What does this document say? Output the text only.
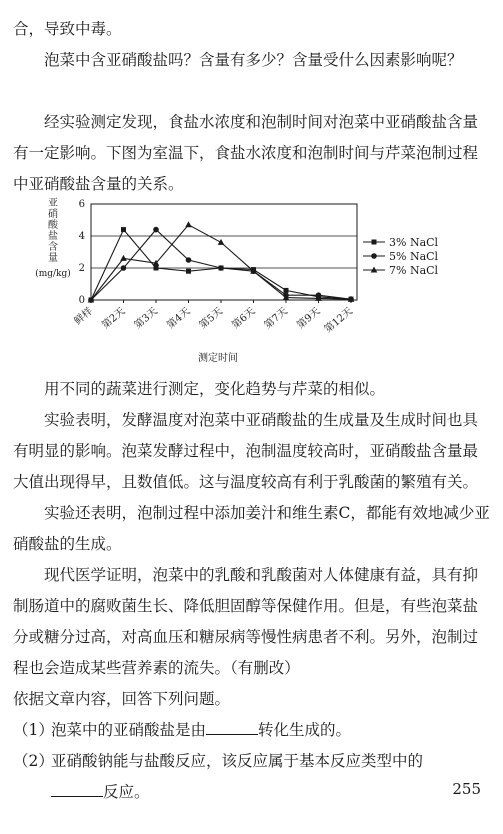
合，导致中毒。

泡菜中含亚硝酸盐吗？含量有多少？含量受什么因素影响呢？

经实验测定发现，食盐水浓度和泡制时间对泡菜中亚硝酸盐含量有一定影响。下图为室温下，食盐水浓度和泡制时间与芹菜泡制过程中亚硝酸盐含量的关系。

亚硝酸盐含量(mg/kg)
0
2
4
6
鲜样 第2天 第3天 第4天 第5天 第6天 第7天 第9天 第12天
3% NaCl
5% NaCl
7% NaCl
测定时间

用不同的蔬菜进行测定，变化趋势与芹菜的相似。

实验表明，发酵温度对泡菜中亚硝酸盐的生成量及生成时间也具有明显的影响。泡菜发酵过程中，泡制温度较高时，亚硝酸盐含量最大值出现得早，且数值低。这与温度较高有利于乳酸菌的繁殖有关。

实验还表明，泡制过程中添加姜汁和维生素C，都能有效地减少亚硝酸盐的生成。

现代医学证明，泡菜中的乳酸和乳酸菌对人体健康有益，具有抑制肠道中的腐败菌生长、降低胆固醇等保健作用。但是，有些泡菜盐分或糖分过高，对高血压和糖尿病等慢性病患者不利。另外，泡制过程也会造成某些营养素的流失。（有删改）

依据文章内容，回答下列问题。

（1）泡菜中的亚硝酸盐是由	转化生成的。
（2）亚硝酸钠能与盐酸反应，该反应属于基本反应类型中的
反应。	255
